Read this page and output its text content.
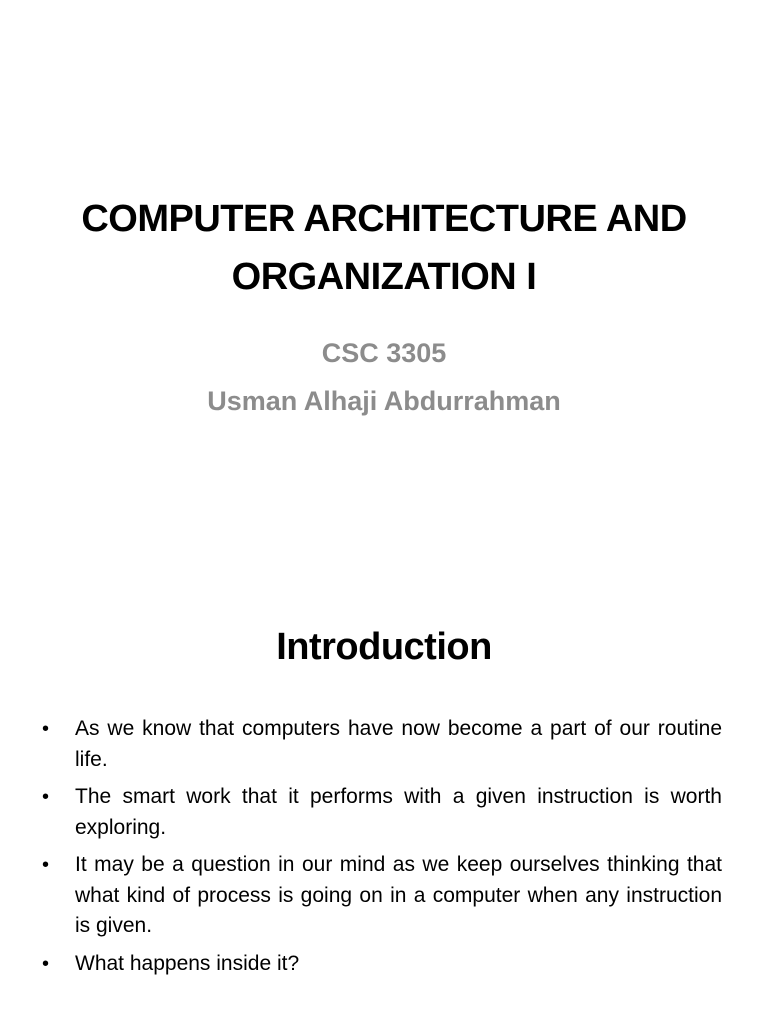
COMPUTER ARCHITECTURE AND
ORGANIZATION I

CSC 3305

Usman Alhaji Abdurrahman

Introduction
• As we know that computers have now become a part of our routine life.
• The smart work that it performs with a given instruction is worth exploring.
• It may be a question in our mind as we keep ourselves thinking that what kind of process is going on in a computer when any instruction is given.
• What happens inside it?
